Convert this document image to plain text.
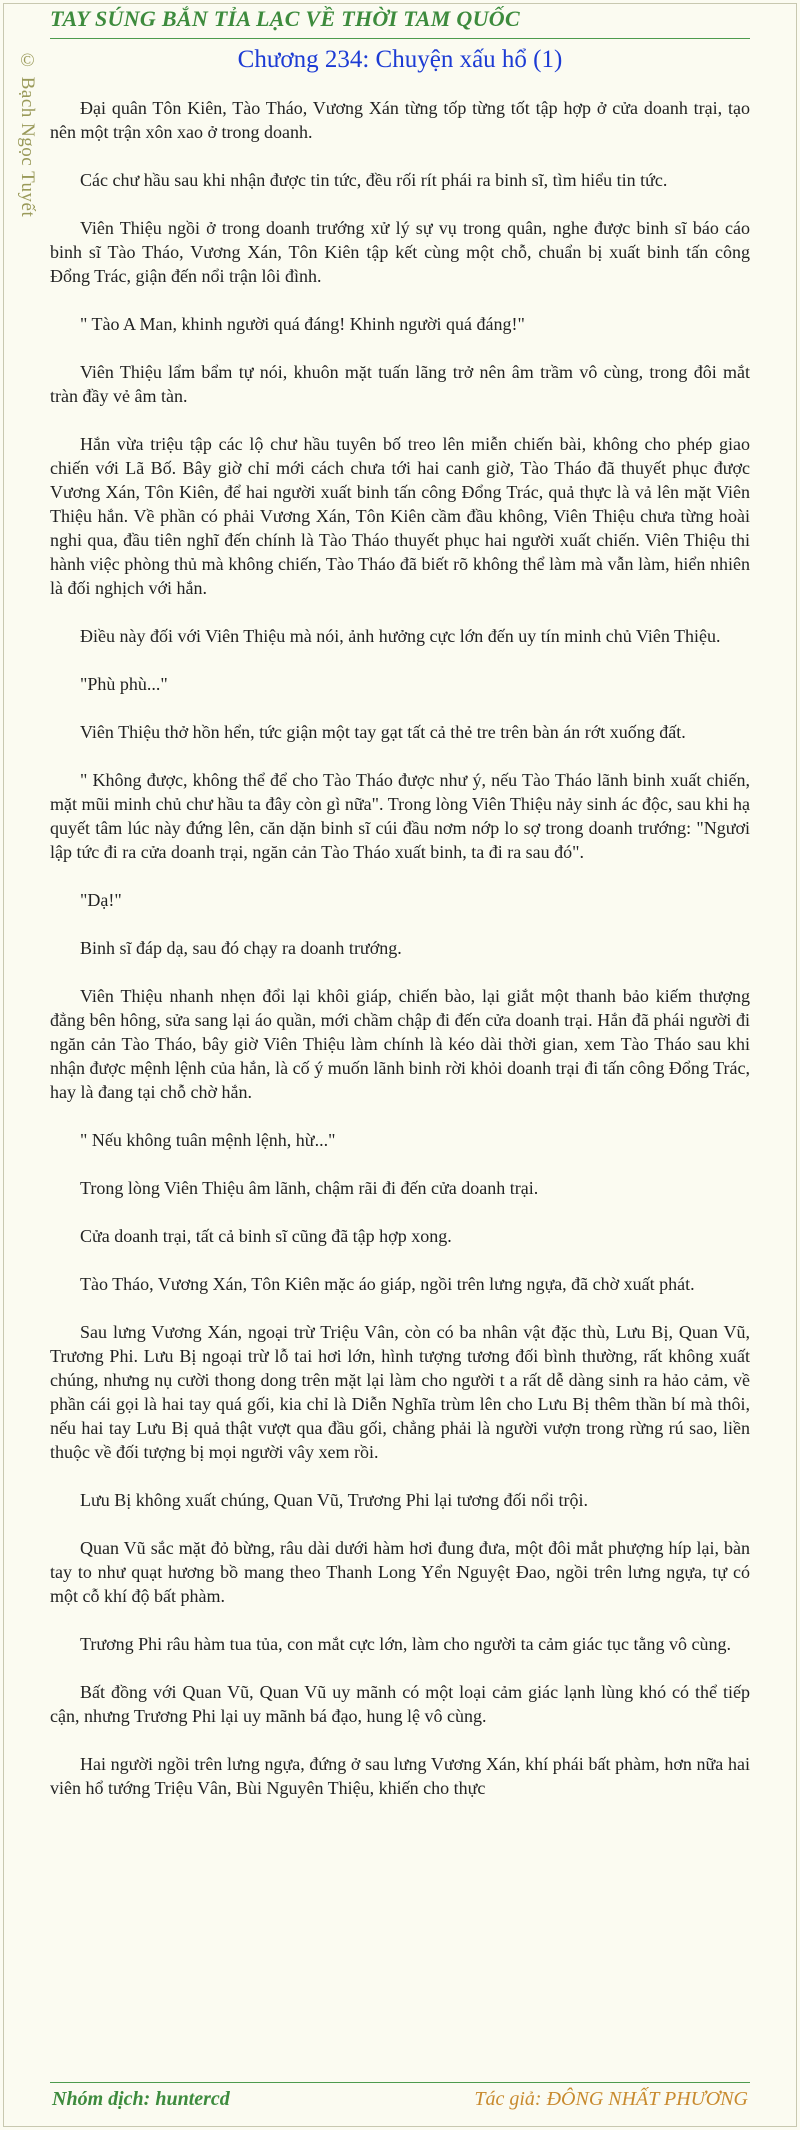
TAY SÚNG BẮN TỈA LẠC VỀ THỜI TAM QUỐC
© Bạch Ngọc Tuyết	Chương 234: Chuyện xấu hổ (1)

Đại quân Tôn Kiên, Tào Tháo, Vương Xán từng tốp từng tốt tập hợp ở cửa doanh trại, tạo nên một trận xôn xao ở trong doanh.

Các chư hầu sau khi nhận được tin tức, đều rối rít phái ra binh sĩ, tìm hiểu tin tức.

Viên Thiệu ngồi ở trong doanh trướng xử lý sự vụ trong quân, nghe được binh sĩ báo cáo binh sĩ Tào Tháo, Vương Xán, Tôn Kiên tập kết cùng một chỗ, chuẩn bị xuất binh tấn công Đổng Trác, giận đến nổi trận lôi đình.

" Tào A Man, khinh người quá đáng! Khinh người quá đáng!"

Viên Thiệu lẩm bẩm tự nói, khuôn mặt tuấn lãng trở nên âm trầm vô cùng, trong đôi mắt tràn đầy vẻ âm tàn.

Hắn vừa triệu tập các lộ chư hầu tuyên bố treo lên miễn chiến bài, không cho phép giao chiến với Lã Bố. Bây giờ chỉ mới cách chưa tới hai canh giờ, Tào Tháo đã thuyết phục được Vương Xán, Tôn Kiên, để hai người xuất binh tấn công Đổng Trác, quả thực là vả lên mặt Viên Thiệu hắn. Về phần có phải Vương Xán, Tôn Kiên cầm đầu không, Viên Thiệu chưa từng hoài nghi qua, đầu tiên nghĩ đến chính là Tào Tháo thuyết phục hai người xuất chiến. Viên Thiệu thi hành việc phòng thủ mà không chiến, Tào Tháo đã biết rõ không thể làm mà vẫn làm, hiển nhiên là đối nghịch với hắn.

Điều này đối với Viên Thiệu mà nói, ảnh hưởng cực lớn đến uy tín minh chủ Viên Thiệu.

"Phù phù..."

Viên Thiệu thở hồn hển, tức giận một tay gạt tất cả thẻ tre trên bàn án rớt xuống đất.

" Không được, không thể để cho Tào Tháo được như ý, nếu Tào Tháo lãnh binh xuất chiến, mặt mũi minh chủ chư hầu ta đây còn gì nữa". Trong lòng Viên Thiệu nảy sinh ác độc, sau khi hạ quyết tâm lúc này đứng lên, căn dặn binh sĩ cúi đầu nơm nớp lo sợ trong doanh trướng: "Ngươi lập tức đi ra cửa doanh trại, ngăn cản Tào Tháo xuất binh, ta đi ra sau đó".

"Dạ!"

Binh sĩ đáp dạ, sau đó chạy ra doanh trướng.

Viên Thiệu nhanh nhẹn đổi lại khôi giáp, chiến bào, lại giắt một thanh bảo kiếm thượng đẳng bên hông, sửa sang lại áo quần, mới chầm chập đi đến cửa doanh trại. Hắn đã phái người đi ngăn cản Tào Tháo, bây giờ Viên Thiệu làm chính là kéo dài thời gian, xem Tào Tháo sau khi nhận được mệnh lệnh của hắn, là cố ý muốn lãnh binh rời khỏi doanh trại đi tấn công Đổng Trác, hay là đang tại chỗ chờ hắn.

" Nếu không tuân mệnh lệnh, hừ..."

Trong lòng Viên Thiệu âm lãnh, chậm rãi đi đến cửa doanh trại.

Cửa doanh trại, tất cả binh sĩ cũng đã tập hợp xong.

Tào Tháo, Vương Xán, Tôn Kiên mặc áo giáp, ngồi trên lưng ngựa, đã chờ xuất phát.

Sau lưng Vương Xán, ngoại trừ Triệu Vân, còn có ba nhân vật đặc thù, Lưu Bị, Quan Vũ, Trương Phi. Lưu Bị ngoại trừ lỗ tai hơi lớn, hình tượng tương đối bình thường, rất không xuất chúng, nhưng nụ cười thong dong trên mặt lại làm cho người t a rất dễ dàng sinh ra hảo cảm, về phần cái gọi là hai tay quá gối, kia chỉ là Diễn Nghĩa trùm lên cho Lưu Bị thêm thần bí mà thôi, nếu hai tay Lưu Bị quả thật vượt qua đầu gối, chẳng phải là người vượn trong rừng rú sao, liền thuộc về đối tượng bị mọi người vây xem rồi.

Lưu Bị không xuất chúng, Quan Vũ, Trương Phi lại tương đối nổi trội.

Quan Vũ sắc mặt đỏ bừng, râu dài dưới hàm hơi đung đưa, một đôi mắt phượng híp lại, bàn tay to như quạt hương bồ mang theo Thanh Long Yển Nguyệt Đao, ngồi trên lưng ngựa, tự có một cỗ khí độ bất phàm.

Trương Phi râu hàm tua tủa, con mắt cực lớn, làm cho người ta cảm giác tục tằng vô cùng.

Bất đồng với Quan Vũ, Quan Vũ uy mãnh có một loại cảm giác lạnh lùng khó có thể tiếp cận, nhưng Trương Phi lại uy mãnh bá đạo, hung lệ vô cùng.

Hai người ngồi trên lưng ngựa, đứng ở sau lưng Vương Xán, khí phái bất phàm, hơn nữa hai viên hổ tướng Triệu Vân, Bùi Nguyên Thiệu, khiến cho thực

Nhóm dịch: huntercd	Tác giả: ĐÔNG NHẤT PHƯƠNG
